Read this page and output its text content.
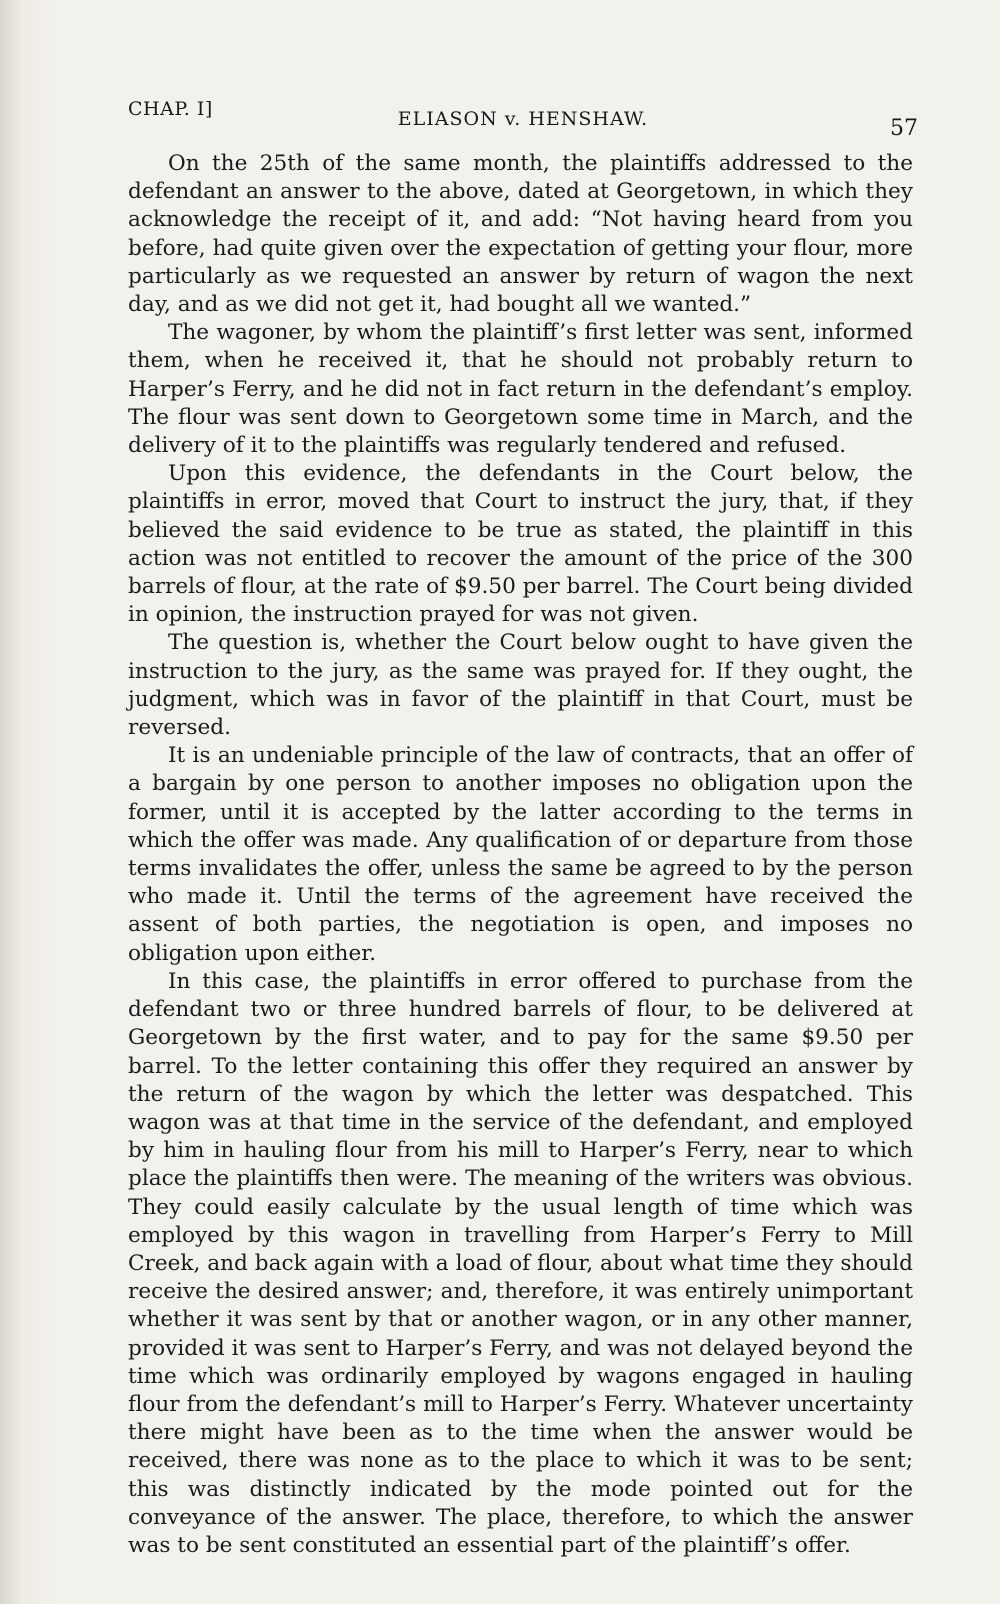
CHAP. I]	ELIASON v. HENSHAW.	57

On the 25th of the same month, the plaintiffs addressed to the defendant an answer to the above, dated at Georgetown, in which they acknowledge the receipt of it, and add: “Not having heard from you before, had quite given over the expectation of getting your flour, more particularly as we requested an answer by return of wagon the next day, and as we did not get it, had bought all we wanted.”

The wagoner, by whom the plaintiff’s first letter was sent, informed them, when he received it, that he should not probably return to Harper’s Ferry, and he did not in fact return in the defendant’s employ. The flour was sent down to Georgetown some time in March, and the delivery of it to the plaintiffs was regularly tendered and refused.

Upon this evidence, the defendants in the Court below, the plaintiffs in error, moved that Court to instruct the jury, that, if they believed the said evidence to be true as stated, the plaintiff in this action was not entitled to recover the amount of the price of the 300 barrels of flour, at the rate of $9.50 per barrel. The Court being divided in opinion, the instruction prayed for was not given.

The question is, whether the Court below ought to have given the instruction to the jury, as the same was prayed for. If they ought, the judgment, which was in favor of the plaintiff in that Court, must be reversed.

It is an undeniable principle of the law of contracts, that an offer of a bargain by one person to another imposes no obligation upon the former, until it is accepted by the latter according to the terms in which the offer was made. Any qualification of or departure from those terms invalidates the offer, unless the same be agreed to by the person who made it. Until the terms of the agreement have received the assent of both parties, the negotiation is open, and imposes no obligation upon either.

In this case, the plaintiffs in error offered to purchase from the defendant two or three hundred barrels of flour, to be delivered at Georgetown by the first water, and to pay for the same $9.50 per barrel. To the letter containing this offer they required an answer by the return of the wagon by which the letter was despatched. This wagon was at that time in the service of the defendant, and employed by him in hauling flour from his mill to Harper’s Ferry, near to which place the plaintiffs then were. The meaning of the writers was obvious. They could easily calculate by the usual length of time which was employed by this wagon in travelling from Harper’s Ferry to Mill Creek, and back again with a load of flour, about what time they should receive the desired answer; and, therefore, it was entirely unimportant whether it was sent by that or another wagon, or in any other manner, provided it was sent to Harper’s Ferry, and was not delayed beyond the time which was ordinarily employed by wagons engaged in hauling flour from the defendant’s mill to Harper’s Ferry. Whatever uncertainty there might have been as to the time when the answer would be received, there was none as to the place to which it was to be sent; this was distinctly indicated by the mode pointed out for the conveyance of the answer. The place, therefore, to which the answer was to be sent constituted an essential part of the plaintiff’s offer.
